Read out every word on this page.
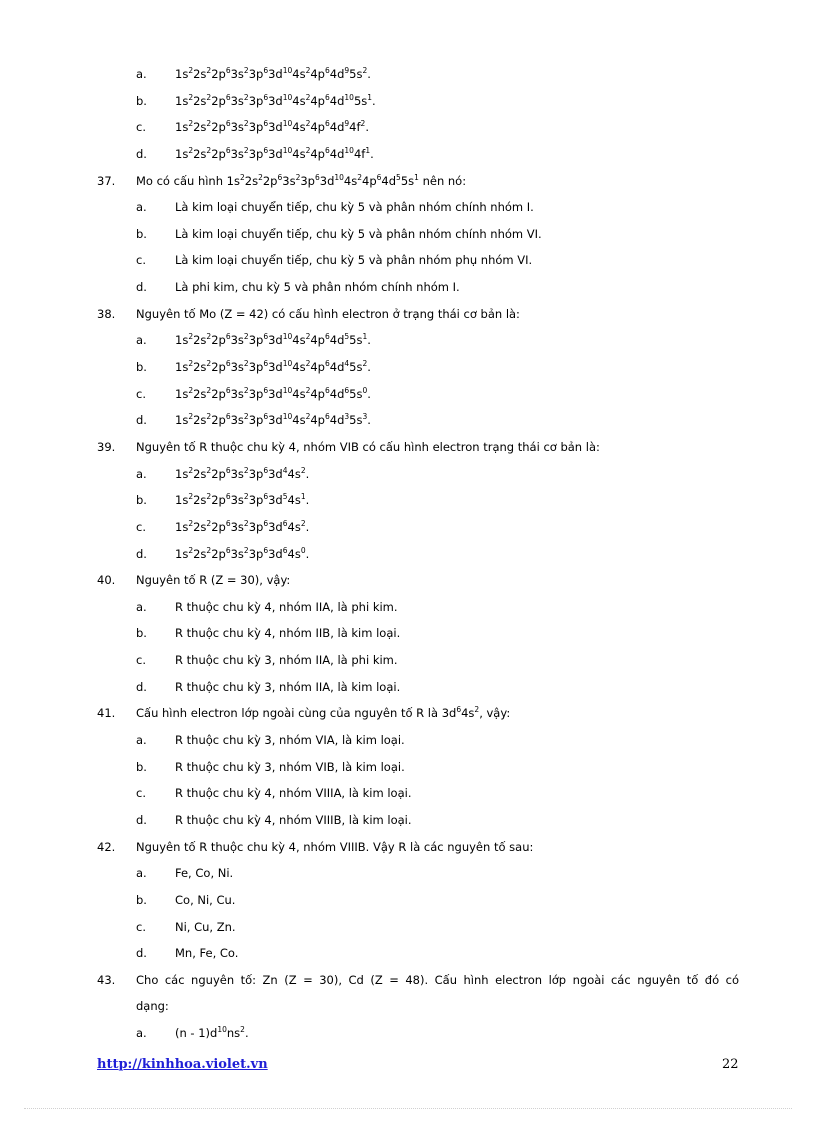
a. $1s^22s^22p^63s^23p^63d^{10}4s^24p^64d^95s^2$.
b. $1s^22s^22p^63s^23p^63d^{10}4s^24p^64d^{10}5s^1$.
c.	$1s^22s^22p^63s^23p^63d^{10}4s^24p^64d^94f^2$.
d. $1s^22s^22p^63s^23p^63d^{10}4s^24p^64d^{10}4f^1$.
37. Mo có cấu hình $1s^22s^22p^63s^23p^63d^{10}4s^24p^64d^55s^1$ nên nó:
a. Là kim loại chuyển tiếp, chu kỳ 5 và phân nhóm chính nhóm I.
b. Là kim loại chuyển tiếp, chu kỳ 5 và phân nhóm chính nhóm VI.
c.	Là kim loại chuyển tiếp, chu kỳ 5 và phân nhóm phụ nhóm VI.
d. Là phi kim, chu kỳ 5 và phân nhóm chính nhóm I.
38. Nguyên tố Mo (Z = 42) có cấu hình electron ở trạng thái cơ bản là:
a. $1s^22s^22p^63s^23p^63d^{10}4s^24p^64d^55s^1$.
b. $1s^22s^22p^63s^23p^63d^{10}4s^24p^64d^45s^2$.
c.	$1s^22s^22p^63s^23p^63d^{10}4s^24p^64d^65s^0$.
d. $1s^22s^22p^63s^23p^63d^{10}4s^24p^64d^35s^3$.
39. Nguyên tố R thuộc chu kỳ 4, nhóm VIB có cấu hình electron trạng thái cơ bản là:
a. $1s^22s^22p^63s^23p^63d^44s^2$.
b. $1s^22s^22p^63s^23p^63d^54s^1$.
c.	$1s^22s^22p^63s^23p^63d^64s^2$.
d. $1s^22s^22p^63s^23p^63d^64s^0$.
40. Nguyên tố R (Z = 30), vậy:
a. R thuộc chu kỳ 4, nhóm IIA, là phi kim.
b. R thuộc chu kỳ 4, nhóm IIB, là kim loại.
c.	R thuộc chu kỳ 3, nhóm IIA, là phi kim.
d. R thuộc chu kỳ 3, nhóm IIA, là kim loại.
41. Cấu hình electron lớp ngoài cùng của nguyên tố R là $3d^64s^2$, vậy:
a. R thuộc chu kỳ 3, nhóm VIA, là kim loại.
b. R thuộc chu kỳ 3, nhóm VIB, là kim loại.
c.	R thuộc chu kỳ 4, nhóm VIIIA, là kim loại.
d. R thuộc chu kỳ 4, nhóm VIIIB, là kim loại.
42. Nguyên tố R thuộc chu kỳ 4, nhóm VIIIB. Vậy R là các nguyên tố sau:
a. Fe, Co, Ni.
b. Co, Ni, Cu.
c.	Ni, Cu, Zn.
d. Mn, Fe, Co.
43. Cho các nguyên tố: Zn (Z = 30), Cd (Z = 48). Cấu hình electron lớp ngoài các nguyên tố đó có
dạng:
a. $(n - 1)d^{10}ns^2$.
http://kinhhoa.violet.vn	22
